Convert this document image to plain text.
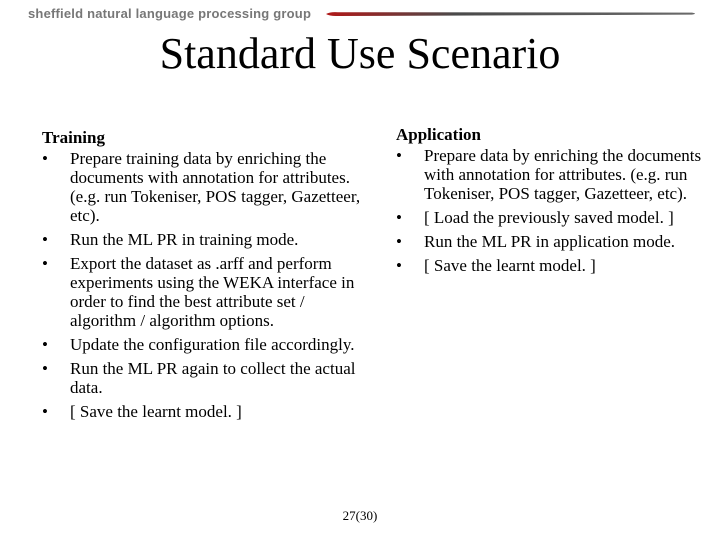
sheffield natural language processing group
Standard Use Scenario
Training
• Prepare training data by enriching the documents with annotation for attributes. (e.g. run Tokeniser, POS tagger, Gazetteer, etc).
• Run the ML PR in training mode.
• Export the dataset as .arff and perform experiments using the WEKA interface in order to find the best attribute set / algorithm / algorithm options.
• Update the configuration file accordingly.
• Run the ML PR again to collect the actual data.
• [ Save the learnt model. ]
Application
• Prepare data by enriching the documents with annotation for attributes. (e.g. run Tokeniser, POS tagger, Gazetteer, etc).
• [ Load the previously saved model. ]
• Run the ML PR in application mode.
• [ Save the learnt model. ]
27(30)
